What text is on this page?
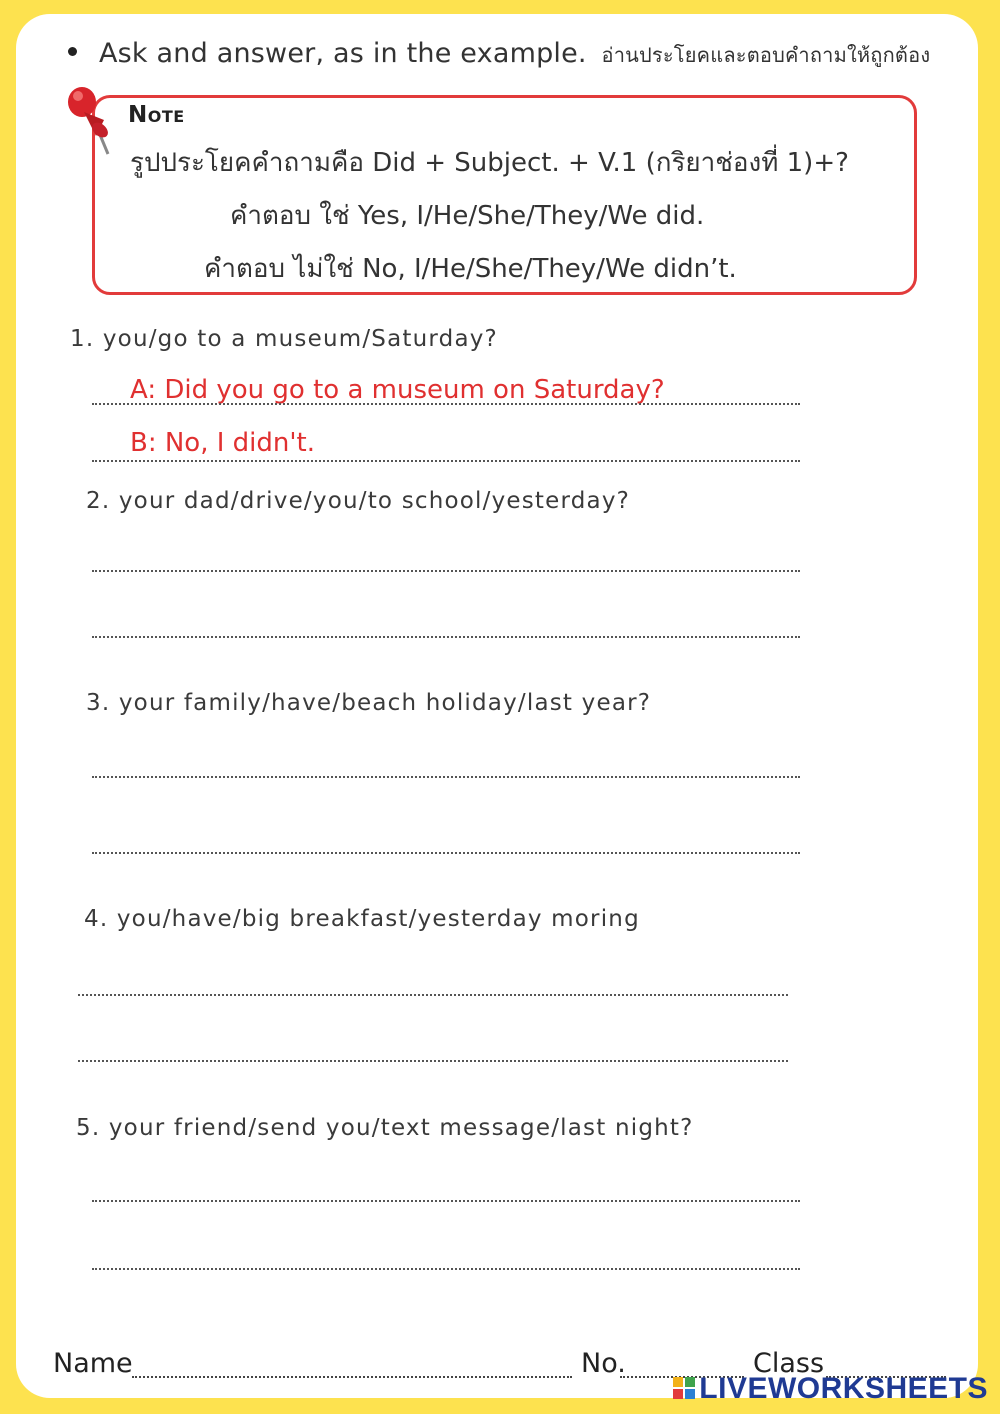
Ask and answer, as in the example. อ่านประโยคและตอบคำถามให้ถูกต้อง
Note
รูปประโยคคำถามคือ Did + Subject. + V.1 (กริยาช่องที่ 1)+?
คำตอบ ใช่ Yes, I/He/She/They/We did.
คำตอบ ไม่ใช่ No, I/He/She/They/We didn’t.
1. you/go to a museum/Saturday?
A: Did you go to a museum on Saturday?
B: No, I didn't.
2. your dad/drive/you/to school/yesterday?
3. your family/have/beach holiday/last year?
4. you/have/big breakfast/yesterday moring
5. your friend/send you/text message/last night?
Name	No.	Class
LIVEWORKSHEETS
